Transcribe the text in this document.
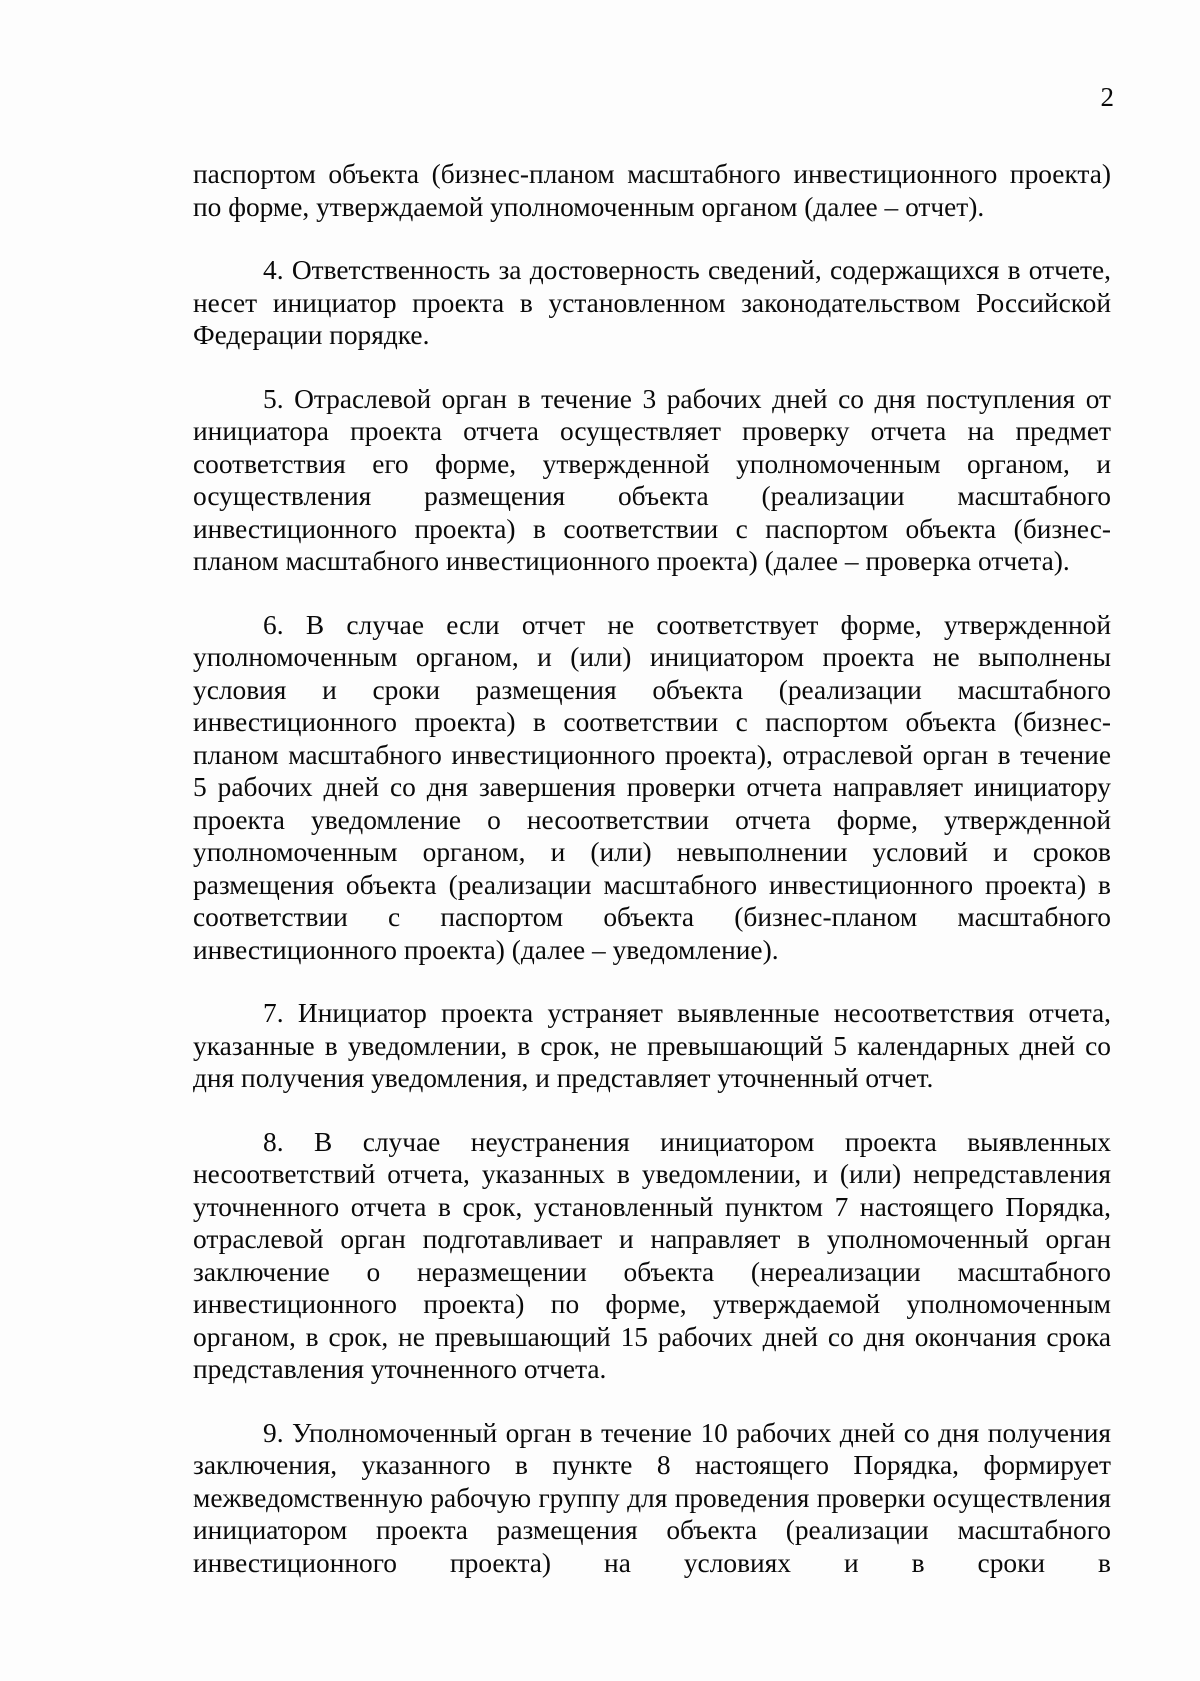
2

паспортом объекта (бизнес-планом масштабного инвестиционного проекта) по форме, утверждаемой уполномоченным органом (далее – отчет).

4. Ответственность за достоверность сведений, содержащихся в отчете, несет инициатор проекта в установленном законодательством Российской Федерации порядке.

5. Отраслевой орган в течение 3 рабочих дней со дня поступления от инициатора проекта отчета осуществляет проверку отчета на предмет соответствия его форме, утвержденной уполномоченным органом, и осуществления размещения объекта (реализации масштабного инвестиционного проекта) в соответствии с паспортом объекта (бизнес-планом масштабного инвестиционного проекта) (далее – проверка отчета).

6. В случае если отчет не соответствует форме, утвержденной уполномоченным органом, и (или) инициатором проекта не выполнены условия и сроки размещения объекта (реализации масштабного инвестиционного проекта) в соответствии с паспортом объекта (бизнес-планом масштабного инвестиционного проекта), отраслевой орган в течение 5 рабочих дней со дня завершения проверки отчета направляет инициатору проекта уведомление о несоответствии отчета форме, утвержденной уполномоченным органом, и (или) невыполнении условий и сроков размещения объекта (реализации масштабного инвестиционного проекта) в соответствии с паспортом объекта (бизнес-планом масштабного инвестиционного проекта) (далее – уведомление).

7. Инициатор проекта устраняет выявленные несоответствия отчета, указанные в уведомлении, в срок, не превышающий 5 календарных дней со дня получения уведомления, и представляет уточненный отчет.

8. В случае неустранения инициатором проекта выявленных несоответствий отчета, указанных в уведомлении, и (или) непредставления уточненного отчета в срок, установленный пунктом 7 настоящего Порядка, отраслевой орган подготавливает и направляет в уполномоченный орган заключение о неразмещении объекта (нереализации масштабного инвестиционного проекта) по форме, утверждаемой уполномоченным органом, в срок, не превышающий 15 рабочих дней со дня окончания срока представления уточненного отчета.

9. Уполномоченный орган в течение 10 рабочих дней со дня получения заключения, указанного в пункте 8 настоящего Порядка, формирует межведомственную рабочую группу для проведения проверки осуществления инициатором проекта размещения объекта (реализации масштабного инвестиционного проекта) на условиях и в сроки в
